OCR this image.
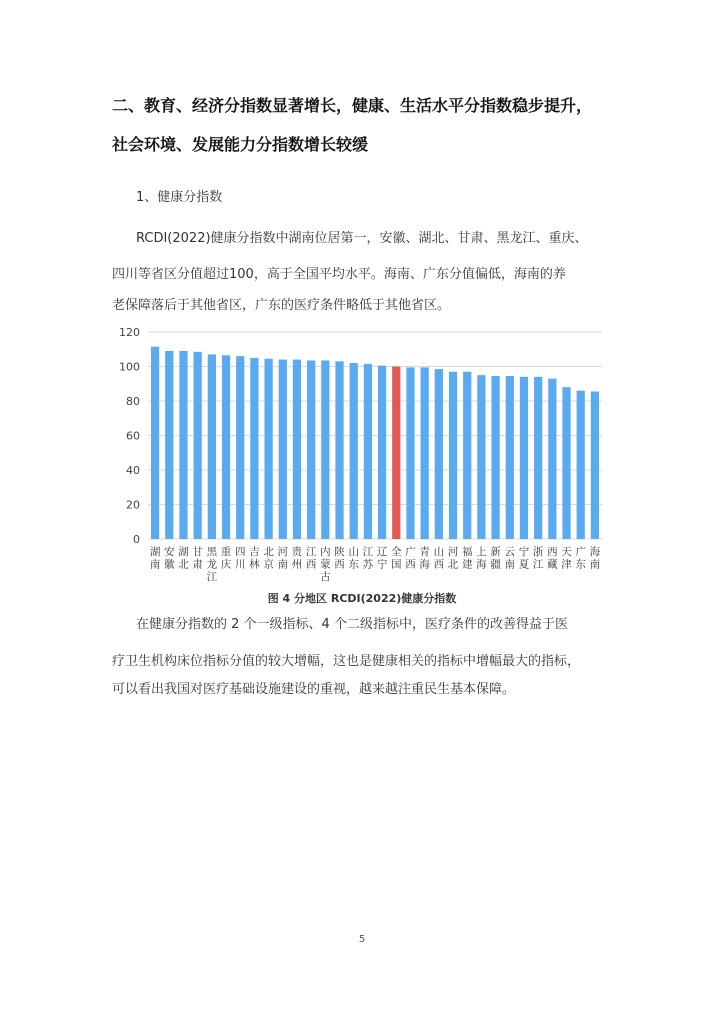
二、教育、经济分指数显著增长，健康、生活水平分指数稳步提升，
社会环境、发展能力分指数增长较缓

1、健康分指数

RCDI(2022)健康分指数中湖南位居第一，安徽、湖北、甘肃、黑龙江、重庆、

四川等省区分值超过100，高于全国平均水平。海南、广东分值偏低，海南的养

老保障落后于其他省区，广东的医疗条件略低于其他省区。

0
20
40
60
80
100
120
湖南
安徽
湖北
甘肃
黑龙江
重庆
四川
吉林
北京
河南
贵州
江西
内蒙古
陕西
山东
江苏
辽宁
全国
广西
青海
山西
河北
福建
上海
新疆
云南
宁夏
浙江
西藏
天津
广东
海南

图 4 分地区 RCDI(2022)健康分指数

在健康分指数的 2 个一级指标、4 个二级指标中，医疗条件的改善得益于医

疗卫生机构床位指标分值的较大增幅，这也是健康相关的指标中增幅最大的指标，

可以看出我国对医疗基础设施建设的重视，越来越注重民生基本保障。

5
